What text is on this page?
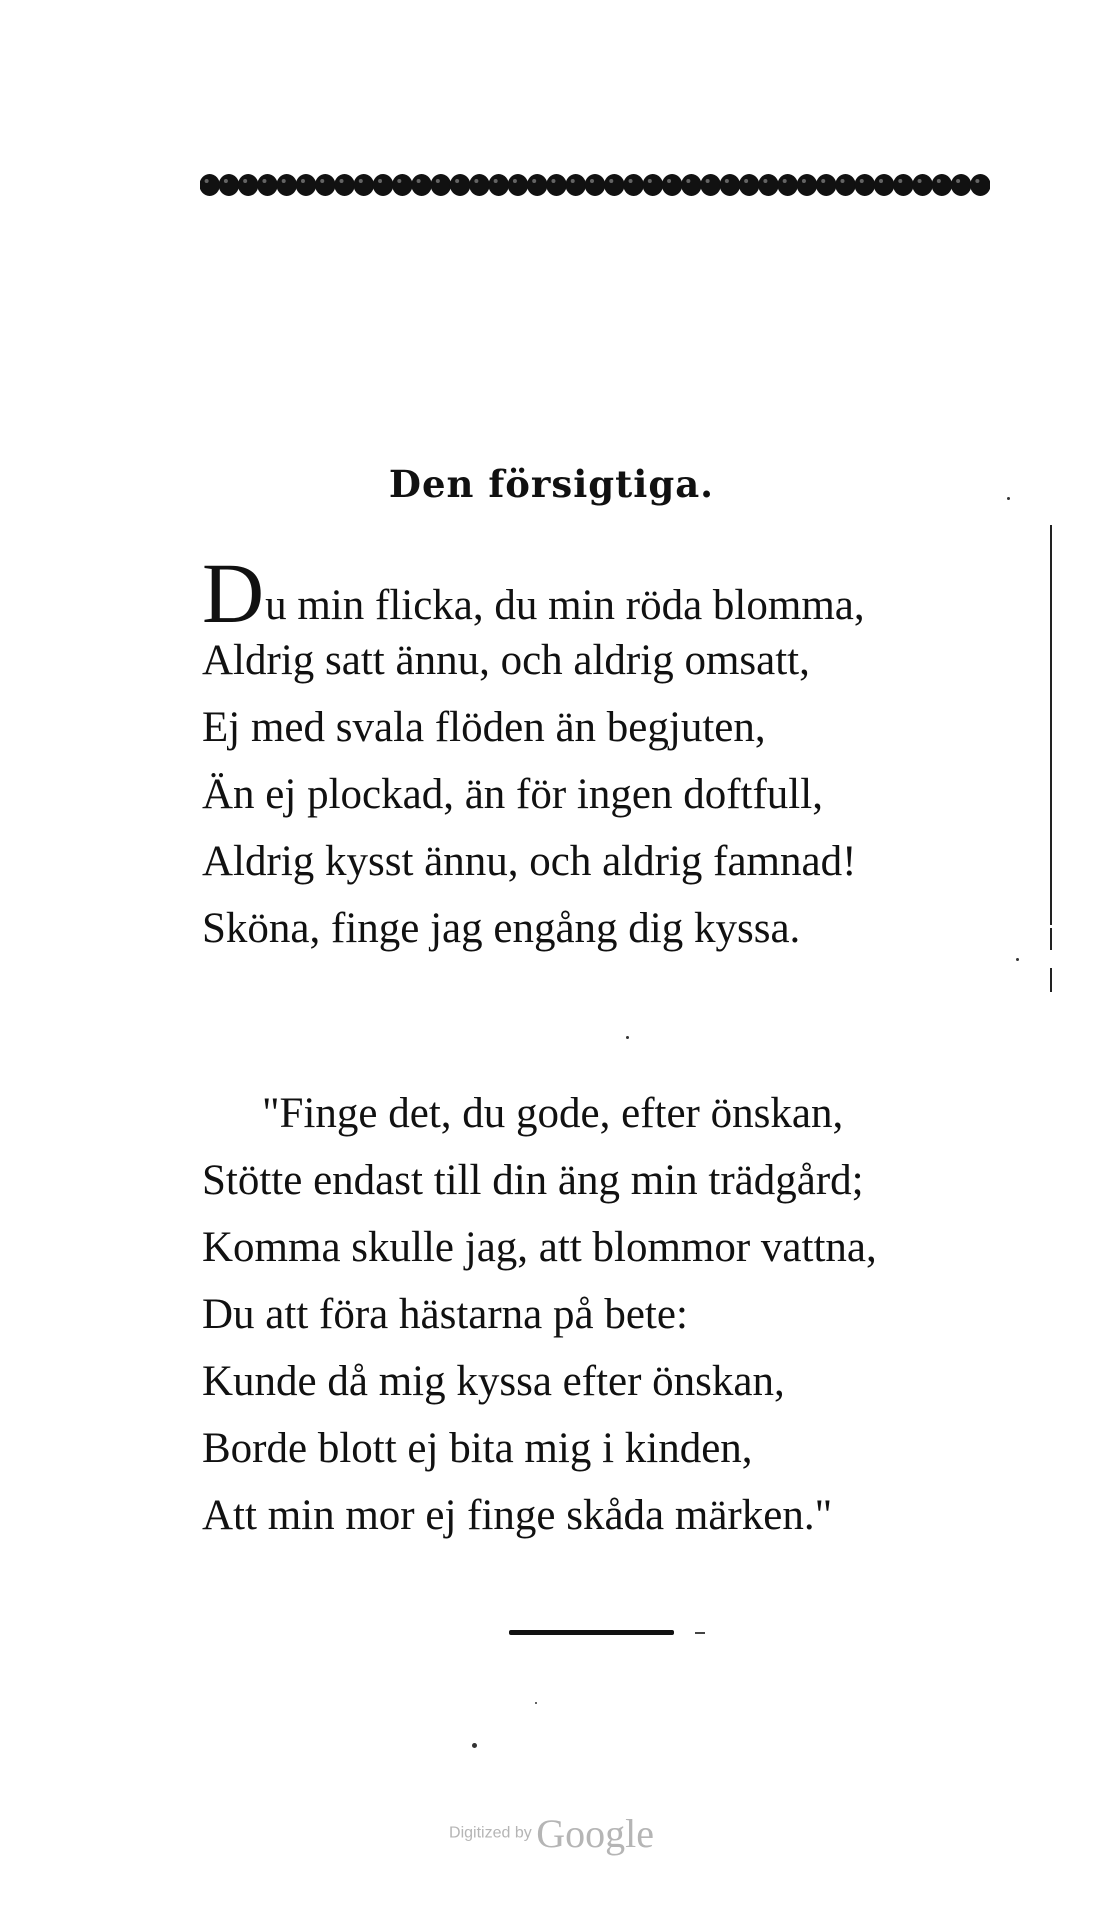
Den försigtiga.
Du min flicka, du min röda blomma,
Aldrig satt ännu, och aldrig omsatt,
Ej med svala flöden än begjuten,
Än ej plockad, än för ingen doftfull,
Aldrig kysst ännu, och aldrig famnad!
Sköna, finge jag engång dig kyssa.
"Finge det, du gode, efter önskan,
Stötte endast till din äng min trädgård;
Komma skulle jag, att blommor vattna,
Du att föra hästarna på bete:
Kunde då mig kyssa efter önskan,
Borde blott ej bita mig i kinden,
Att min mor ej finge skåda märken."
Digitized by Google
